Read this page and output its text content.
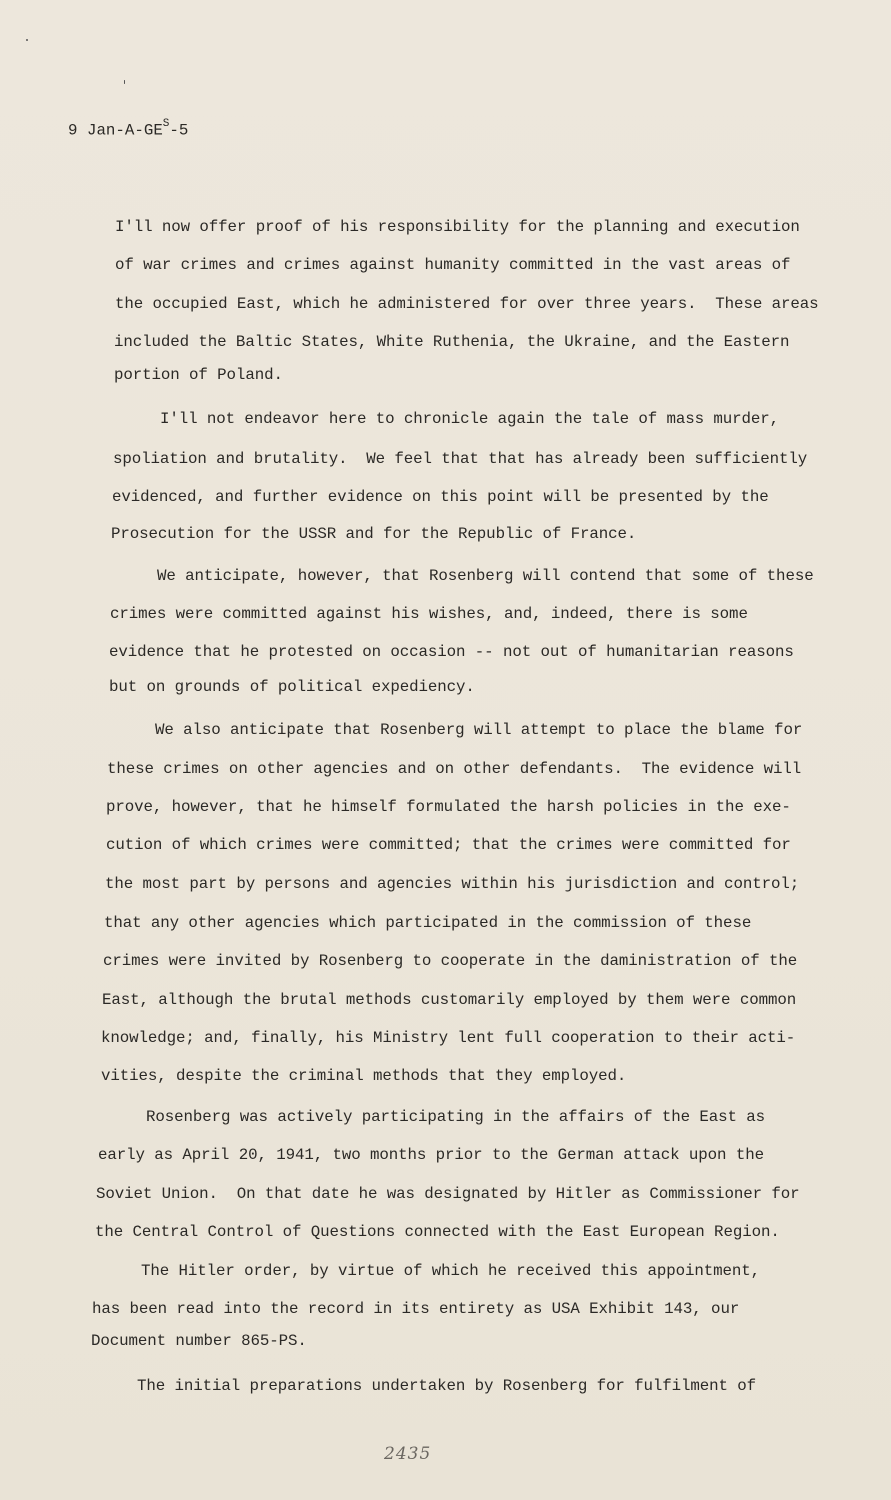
9 Jan-$A-GE^S-5$
I'll now offer proof of his responsibility for the planning and execution
of war crimes and crimes against humanity committed in the vast areas of
the occupied East, which he administered for over three years.  These areas
included the Baltic States, White Ruthenia, the Ukraine, and the Eastern
portion of Poland.
I'll not endeavor here to chronicle again the tale of mass murder,
spoliation and brutality.  We feel that that has already been sufficiently
evidenced, and further evidence on this point will be presented by the
Prosecution for the USSR and for the Republic of France.
We anticipate, however, that Rosenberg will contend that some of these
crimes were committed against his wishes, and, indeed, there is some
evidence that he protested on occasion -- not out of humanitarian reasons
but on grounds of political expediency.
We also anticipate that Rosenberg will attempt to place the blame for
these crimes on other agencies and on other defendants.  The evidence will
prove, however, that he himself formulated the harsh policies in the exe-
cution of which crimes were committed; that the crimes were committed for
the most part by persons and agencies within his jurisdiction and control;
that any other agencies which participated in the commission of these
crimes were invited by Rosenberg to cooperate in the daministration of the
East, although the brutal methods customarily employed by them were common
knowledge; and, finally, his Ministry lent full cooperation to their acti-
vities, despite the criminal methods that they employed.
Rosenberg was actively participating in the affairs of the East as
early as April 20, 1941, two months prior to the German attack upon the
Soviet Union.  On that date he was designated by Hitler as Commissioner for
the Central Control of Questions connected with the East European Region.
The Hitler order, by virtue of which he received this appointment,
has been read into the record in its entirety as USA Exhibit 143, our
Document number 865-PS.
The initial preparations undertaken by Rosenberg for fulfilment of
2435
